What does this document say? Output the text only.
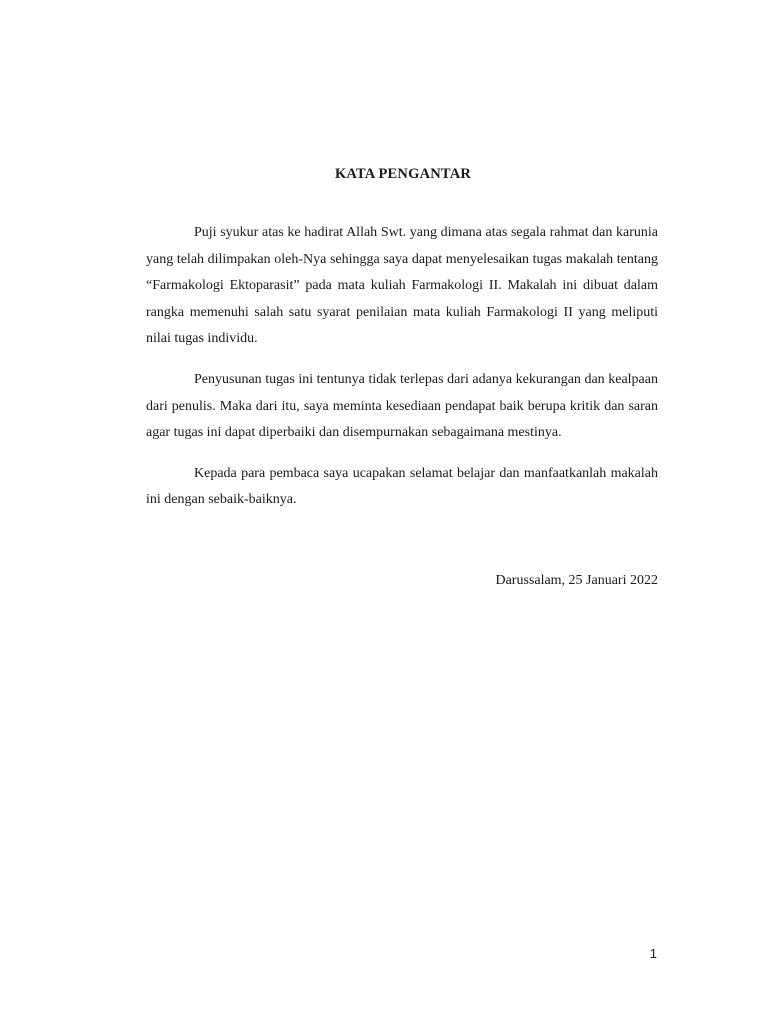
KATA PENGANTAR

Puji syukur atas ke hadirat Allah Swt. yang dimana atas segala rahmat dan karunia yang telah dilimpakan oleh-Nya sehingga saya dapat menyelesaikan tugas makalah tentang “Farmakologi Ektoparasit” pada mata kuliah Farmakologi II. Makalah ini dibuat dalam rangka memenuhi salah satu syarat penilaian mata kuliah Farmakologi II yang meliputi nilai tugas individu.

Penyusunan tugas ini tentunya tidak terlepas dari adanya kekurangan dan kealpaan dari penulis. Maka dari itu, saya meminta kesediaan pendapat baik berupa kritik dan saran agar tugas ini dapat diperbaiki dan disempurnakan sebagaimana mestinya.

Kepada para pembaca saya ucapakan selamat belajar dan manfaatkanlah makalah ini dengan sebaik-baiknya.

Darussalam, 25 Januari 2022
1
